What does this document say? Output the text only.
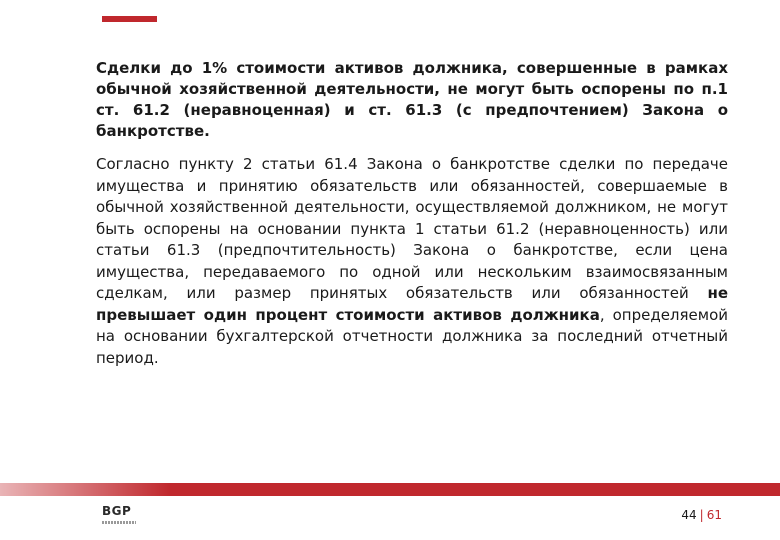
Сделки до 1% стоимости активов должника, совершенные в рамках обычной хозяйственной деятельности, не могут быть оспорены по п.1 ст. 61.2 (неравноценная) и ст. 61.3 (с предпочтением) Закона о банкротстве.

Согласно пункту 2 статьи 61.4 Закона о банкротстве сделки по передаче имущества и принятию обязательств или обязанностей, совершаемые в обычной хозяйственной деятельности, осуществляемой должником, не могут быть оспорены на основании пункта 1 статьи 61.2 (неравноценность) или статьи 61.3 (предпочтительность) Закона о банкротстве, если цена имущества, передаваемого по одной или нескольким взаимосвязанным сделкам, или размер принятых обязательств или обязанностей не превышает один процент стоимости активов должника, определяемой на основании бухгалтерской отчетности должника за последний отчетный период.

BGP	44 | 61
